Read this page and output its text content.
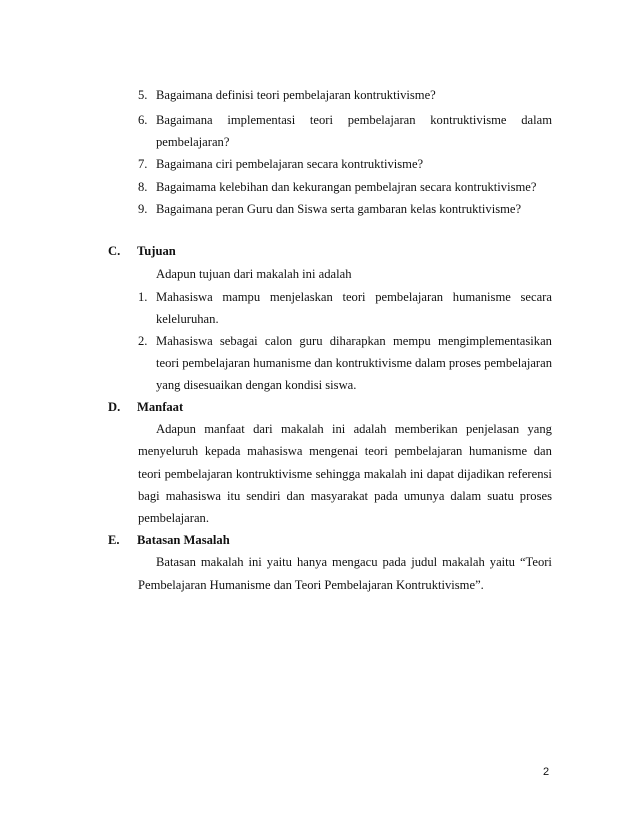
5. Bagaimana definisi teori pembelajaran kontruktivisme?
6. Bagaimana implementasi teori pembelajaran kontruktivisme dalam
pembelajaran?
7. Bagaimana ciri pembelajaran secara kontruktivisme?
8. Bagaimama kelebihan dan kekurangan pembelajran secara kontruktivisme?
9. Bagaimana peran Guru dan Siswa serta gambaran kelas kontruktivisme?
C. Tujuan
Adapun tujuan dari makalah ini adalah
1. Mahasiswa mampu menjelaskan teori pembelajaran humanisme secara
keleluruhan.
2. Mahasiswa sebagai calon guru diharapkan mempu mengimplementasikan
teori pembelajaran humanisme dan kontruktivisme dalam proses pembelajaran
yang disesuaikan dengan kondisi siswa.
D. Manfaat
Adapun manfaat dari makalah ini adalah memberikan penjelasan yang
menyeluruh kepada mahasiswa mengenai teori pembelajaran humanisme dan
teori pembelajaran kontruktivisme sehingga makalah ini dapat dijadikan referensi
bagi mahasiswa itu sendiri dan masyarakat pada umunya dalam suatu proses
pembelajaran.
E. Batasan Masalah
Batasan makalah ini yaitu hanya mengacu pada judul makalah yaitu “Teori
Pembelajaran Humanisme dan Teori Pembelajaran Kontruktivisme”.
2
